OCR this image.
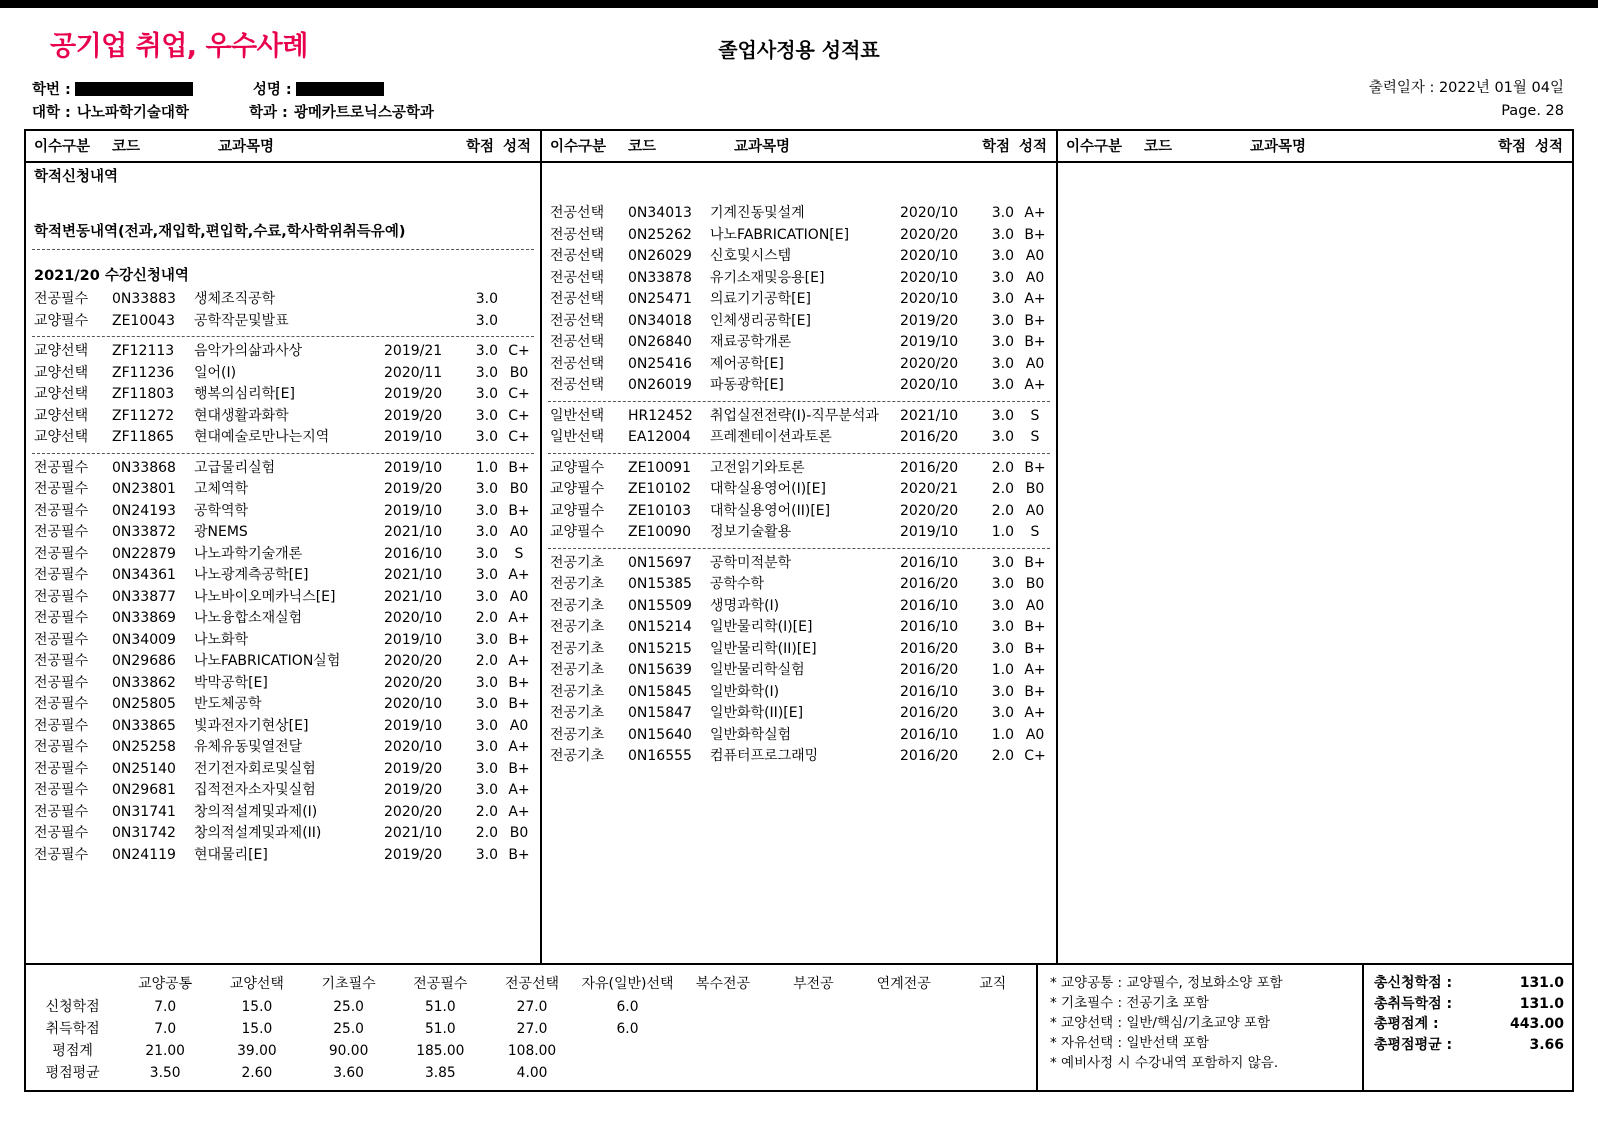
공기업 취업, 우수사례	졸업사정용 성적표
학번 :	성명 :
대학 : 나노파학기술대학	학과 : 광메카트로닉스공학과
출력일자 : 2022년 01월 04일
Page. 28
이수구분	코드	교과목명	학점 성적	이수구분	코드	교과목명	학점 성적	이수구분	코드	교과목명	학점 성적
학적신청내역
학적변동내역(전과,재입학,편입학,수료,학사학위취득유예)
2021/20 수강신청내역
전공필수	0N33883	생체조직공학	3.0
교양필수	ZE10043	공학작문및발표	3.0
교양선택	ZF12113	음악가의삶과사상	2019/21	3.0 C+
교양선택	ZF11236	일어(I)	2020/11	3.0 B0
교양선택	ZF11803	행복의심리학[E]	2019/20	3.0 C+
교양선택	ZF11272	현대생활과화학	2019/20	3.0 C+
교양선택	ZF11865	현대예술로만나는지역	2019/10	3.0 C+
전공필수	0N33868	고급물리실험	2019/10	1.0 B+
전공필수	0N23801	고체역학	2019/20	3.0 B0
전공필수	0N24193	공학역학	2019/10	3.0 B+
전공필수	0N33872	광NEMS	2021/10	3.0 A0
전공필수	0N22879	나노과학기술개론	2016/10	3.0	S
전공필수	0N34361	나노광계측공학[E]	2021/10	3.0 A+
전공필수	0N33877	나노바이오메카닉스[E]	2021/10	3.0 A0
전공필수	0N33869	나노융합소재실험	2020/10	2.0 A+
전공필수	0N34009	나노화학	2019/10	3.0 B+
전공필수	0N29686	나노FABRICATION실험	2020/20	2.0 A+
전공필수	0N33862	박막공학[E]	2020/20	3.0 B+
전공필수	0N25805	반도체공학	2020/10	3.0 B+
전공필수	0N33865	빛과전자기현상[E]	2019/10	3.0 A0
전공필수	0N25258	유체유동및열전달	2020/10	3.0 A+
전공필수	0N25140	전기전자회로및실험	2019/20	3.0 B+
전공필수	0N29681	집적전자소자및실험	2019/20	3.0 A+
전공필수	0N31741	창의적설계및과제(I)	2020/20	2.0 A+
전공필수	0N31742	창의적설계및과제(II)	2021/10	2.0 B0
전공필수	0N24119	현대물리[E]	2019/20	3.0 B+
전공선택	0N34013	기계진동및설계	2020/10	3.0 A+
전공선택	0N25262	나노FABRICATION[E]	2020/20	3.0 B+
전공선택	0N26029	신호및시스템	2020/10	3.0 A0
전공선택	0N33878	유기소재및응용[E]	2020/10	3.0 A0
전공선택	0N25471	의료기기공학[E]	2020/10	3.0 A+
전공선택	0N34018	인체생리공학[E]	2019/20	3.0 B+
전공선택	0N26840	재료공학개론	2019/10	3.0 B+
전공선택	0N25416	제어공학[E]	2020/20	3.0 A0
전공선택	0N26019	파동광학[E]	2020/10	3.0 A+
일반선택	HR12452	취업실전전략(I)-직무분석과	2021/10	3.0	S
일반선택	EA12004	프레젠테이션과토론	2016/20	3.0	S
교양필수	ZE10091	고전읽기와토론	2016/20	2.0 B+
교양필수	ZE10102	대학실용영어(I)[E]	2020/21	2.0 B0
교양필수	ZE10103	대학실용영어(II)[E]	2020/20	2.0 A0
교양필수	ZE10090	정보기술활용	2019/10	1.0	S
전공기초	0N15697	공학미적분학	2016/10	3.0 B+
전공기초	0N15385	공학수학	2016/20	3.0 B0
전공기초	0N15509	생명과학(I)	2016/10	3.0 A0
전공기초	0N15214	일반물리학(I)[E]	2016/10	3.0 B+
전공기초	0N15215	일반물리학(II)[E]	2016/20	3.0 B+
전공기초	0N15639	일반물리학실험	2016/20	1.0 A+
전공기초	0N15845	일반화학(I)	2016/10	3.0 B+
전공기초	0N15847	일반화학(II)[E]	2016/20	3.0 A+
전공기초	0N15640	일반화학실험	2016/10	1.0 A0
전공기초	0N16555	컴퓨터프로그래밍	2016/20	2.0 C+
	교양공통	교양선택	기초필수	전공필수	전공선택	자유(일반)선택	복수전공	부전공	연계전공	교직
신청학점	7.0	15.0	25.0	51.0	27.0	6.0				
취득학점	7.0	15.0	25.0	51.0	27.0	6.0				
평점계	21.00	39.00	90.00	185.00	108.00					
평점평균	3.50	2.60	3.60	3.85	4.00					
* 교양공통 : 교양필수, 정보화소양 포함
* 기초필수 : 전공기초 포함
* 교양선택 : 일반/핵심/기초교양 포함
* 자유선택 : 일반선택 포함
* 예비사정 시 수강내역 포함하지 않음.
총신청학점 :	131.0
총취득학점 :	131.0
총평점계 :	443.00
총평점평균 :	3.66
